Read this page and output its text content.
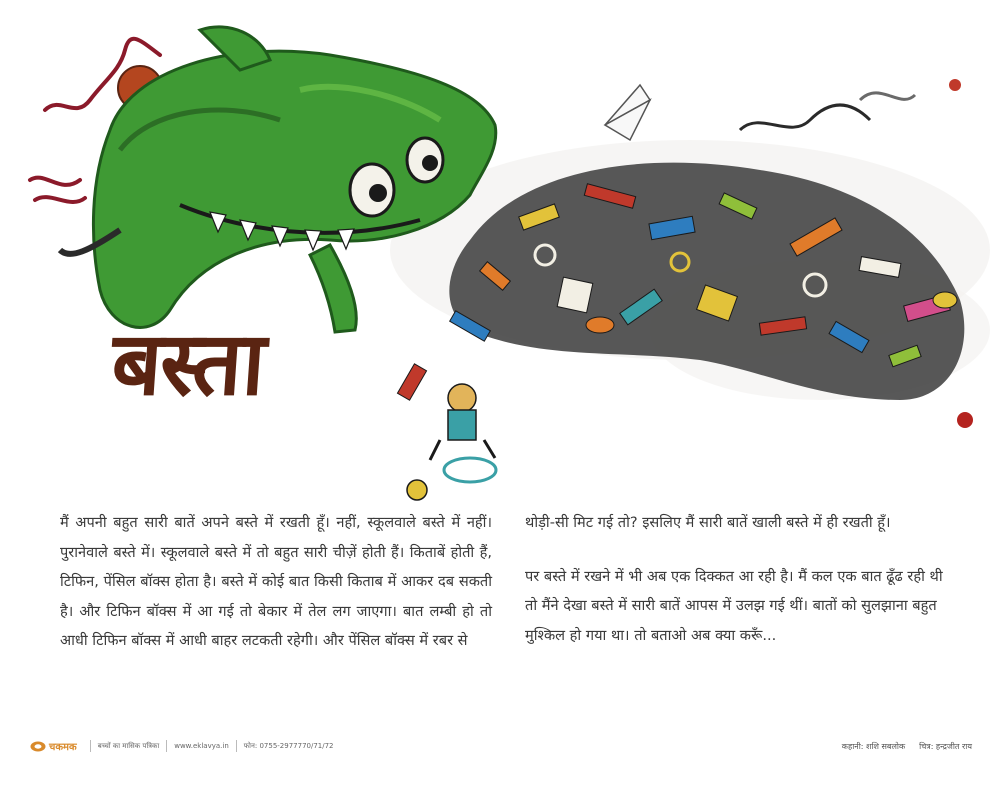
बस्ता

मैं अपनी बहुत सारी बातें अपने बस्ते में रखती हूँ। नहीं, स्कूलवाले बस्ते में नहीं। पुरानेवाले बस्ते में। स्कूलवाले बस्ते में तो बहुत सारी चीज़ें होती हैं। किताबें होती हैं, टिफिन, पेंसिल बॉक्स होता है। बस्ते में कोई बात किसी किताब में आकर दब सकती है। और टिफिन बॉक्स में आ गई तो बेकार में तेल लग जाएगा। बात लम्बी हो तो आधी टिफिन बॉक्स में आधी बाहर लटकती रहेगी। और पेंसिल बॉक्स में रबर से

थोड़ी-सी मिट गई तो? इसलिए मैं सारी बातें खाली बस्ते में ही रखती हूँ।

पर बस्ते में रखने में भी अब एक दिक्कत आ रही है। मैं कल एक बात ढूँढ रही थी तो मैंने देखा बस्ते में सारी बातें आपस में उलझ गई थीं। बातों को सुलझाना बहुत मुश्किल हो गया था। तो बताओ अब क्या करूँ...

चकमक	बच्चों का मासिक पत्रिका www.eklavya.in फोन: 0755-2977770/71/72	कहानी: शशि सबलोक चित्र: हन्द्रजीत राय
